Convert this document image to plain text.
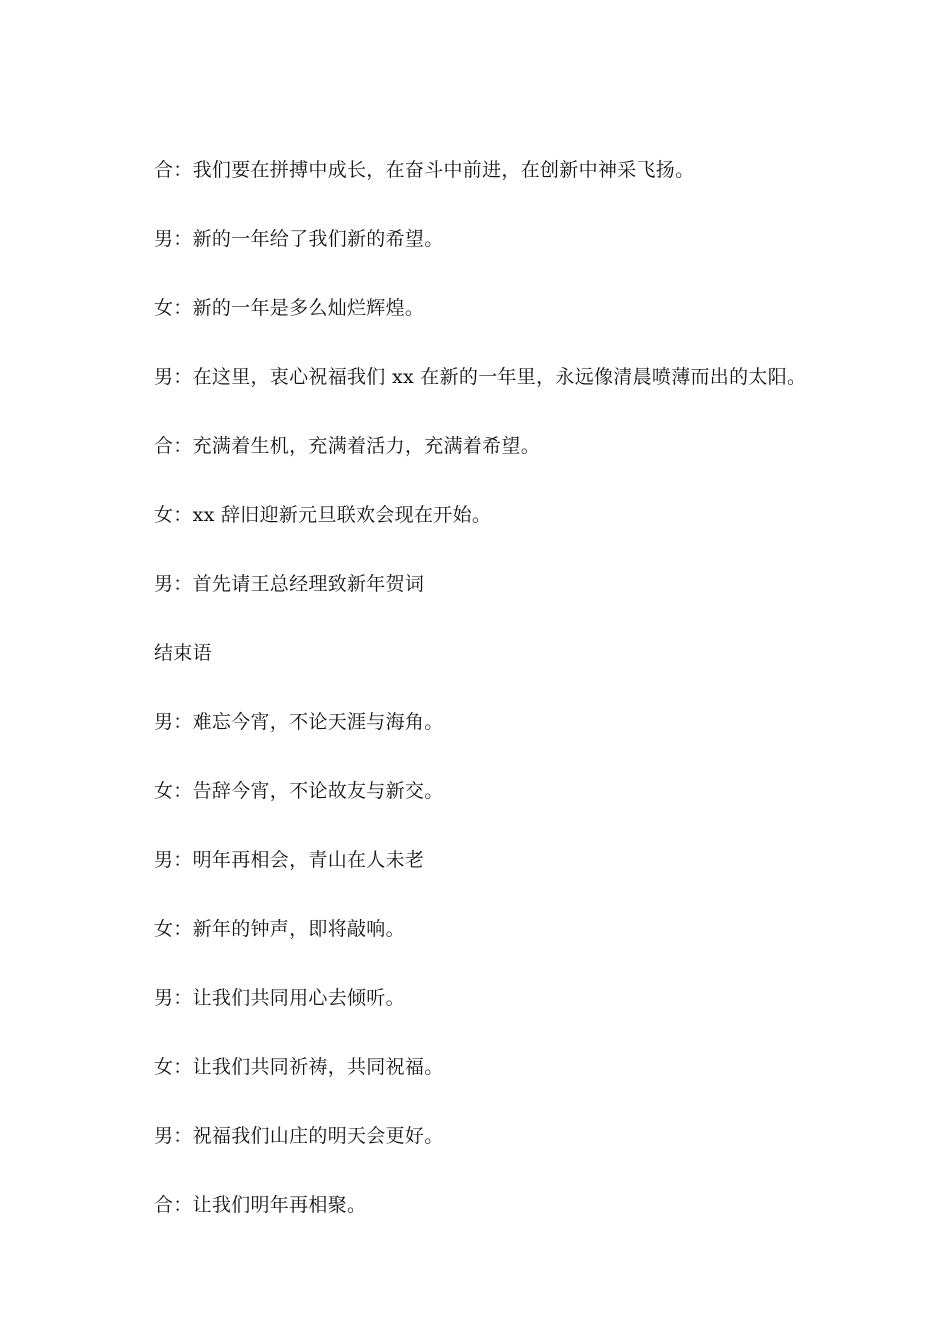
合：我们要在拼搏中成长，在奋斗中前进，在创新中神采飞扬。
男：新的一年给了我们新的希望。
女：新的一年是多么灿烂辉煌。
男：在这里，衷心祝福我们 xx 在新的一年里，永远像清晨喷薄而出的太阳。
合：充满着生机，充满着活力，充满着希望。
女：xx 辞旧迎新元旦联欢会现在开始。
男：首先请王总经理致新年贺词
结束语
男：难忘今宵，不论天涯与海角。
女：告辞今宵，不论故友与新交。
男：明年再相会，青山在人未老
女：新年的钟声，即将敲响。
男：让我们共同用心去倾听。
女：让我们共同祈祷，共同祝福。
男：祝福我们山庄的明天会更好。
合：让我们明年再相聚。
